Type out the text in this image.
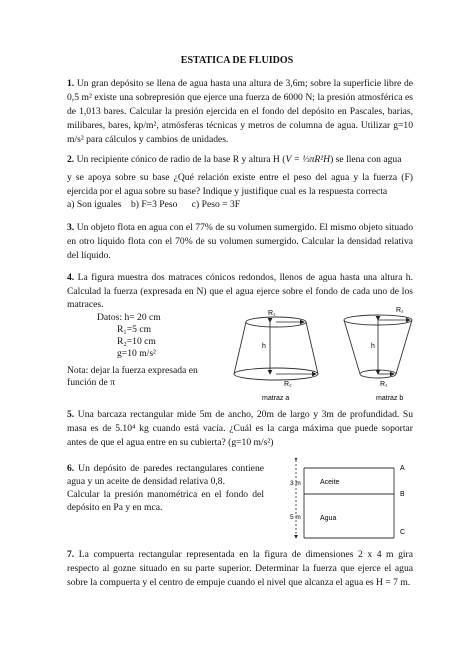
ESTATICA DE FLUIDOS
1. Un gran depósito se llena de agua hasta una altura de 3,6m; sobre la superficie libre de
0,5 m² existe una sobrepresión que ejerce una fuerza de 6000 N; la presión atmosférica es
de 1,013 bares. Calcular la presión ejercida en el fondo del depósito en Pascales, barias,
milibares, bares, kp/m², atmósferas técnicas y metros de columna de agua. Utilizar g=10
m/s² para cálculos y cambios de unidades.
2. Un recipiente cónico de radio de la base R y altura H (V = ⅓πR²H) se llena con agua
y se apoya sobre su base ¿Qué relación existe entre el peso del agua y la fuerza (F)
ejercida por el agua sobre su base? Indique y justifique cual es la respuesta correcta
a) Son iguales    b) F=3 Peso      c) Peso = 3F
3. Un objeto flota en agua con el 77% de su volumen sumergido. El mismo objeto situado
en otro líquido flota con el 70% de su volumen sumergido. Calcular la densidad relativa
del líquido.
4. La figura muestra dos matraces cónicos redondos, llenos de agua hasta una altura h.
Calculad la fuerza (expresada en N) que el agua ejerce sobre el fondo de cada uno de los
matraces.
Datos: h= 20 cm
R₁=5 cm
R₂=10 cm
g=10 m/s²
Nota: dejar la fuerza expresada en
función de π
R₁
h
R₂
matraz a
R₂
h
R₁
matraz b
5. Una barcaza rectangular mide 5m de ancho, 20m de largo y 3m de profundidad. Su
masa es de 5.10⁴ kg cuando está vacía. ¿Cuál es la carga máxima que puede soportar
antes de que el agua entre en su cubierta? (g=10 m/s²)
6. Un depósito de paredes rectangulares contiene
agua y un aceite de densidad relativa 0,8.
Calcular la presión manométrica en el fondo del
depósito en Pa y en mca.
3 m
5 m
Aceite
Agua
A
B
C
7. La compuerta rectangular representada en la figura de dimensiones 2 x 4 m gira
respecto al gozne situado en su parte superior. Determinar la fuerza que ejerce el agua
sobre la compuerta y el centro de empuje cuando el nivel que alcanza el agua es H = 7 m.
